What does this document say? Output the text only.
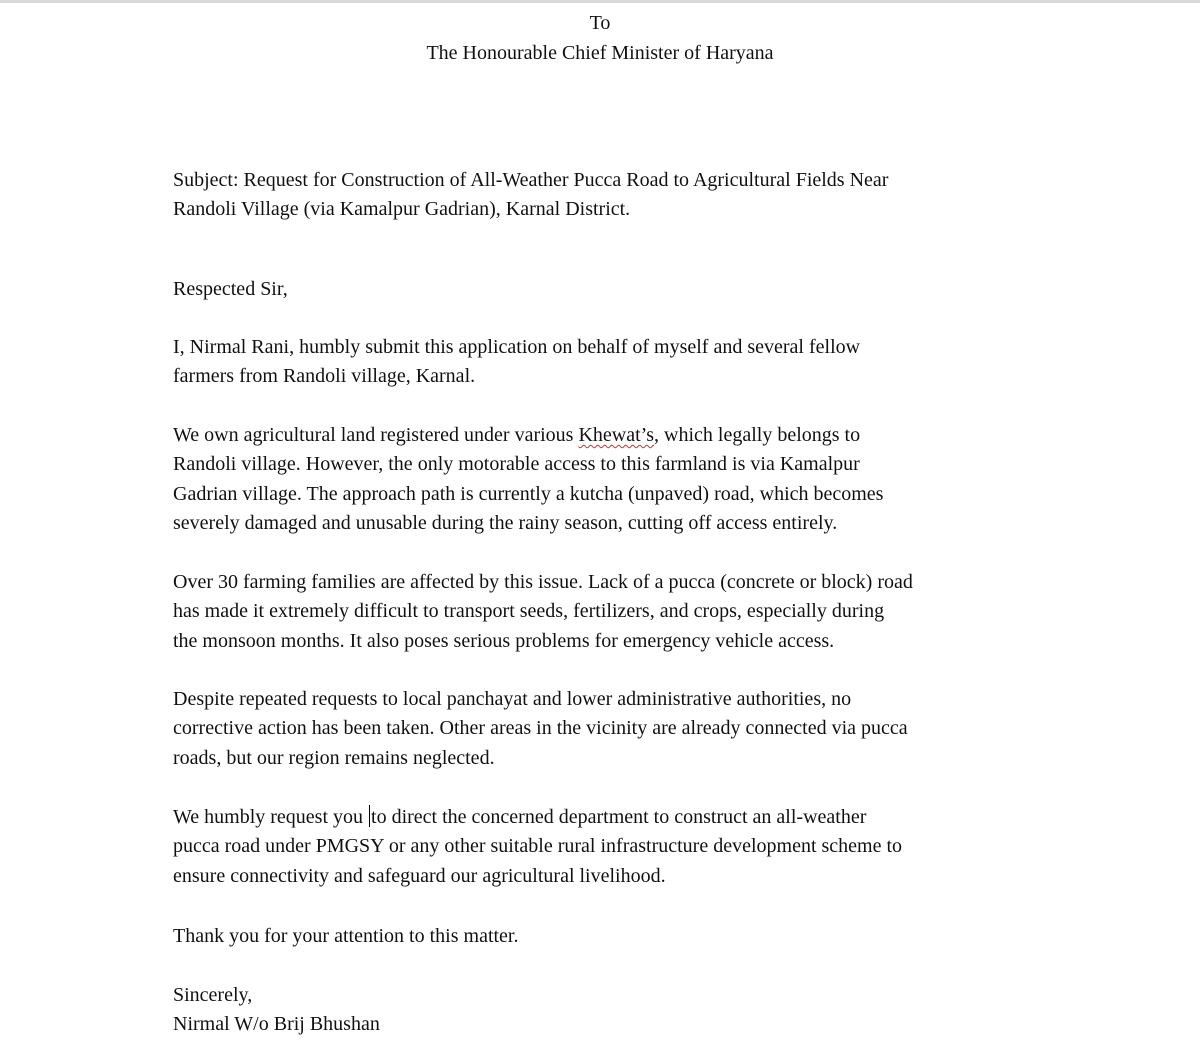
To
The Honourable Chief Minister of Haryana
Subject: Request for Construction of All-Weather Pucca Road to Agricultural Fields Near
Randoli Village (via Kamalpur Gadrian), Karnal District.
Respected Sir,
I, Nirmal Rani, humbly submit this application on behalf of myself and several fellow
farmers from Randoli village, Karnal.
We own agricultural land registered under various Khewat’s, which legally belongs to
Randoli village. However, the only motorable access to this farmland is via Kamalpur
Gadrian village. The approach path is currently a kutcha (unpaved) road, which becomes
severely damaged and unusable during the rainy season, cutting off access entirely.
Over 30 farming families are affected by this issue. Lack of a pucca (concrete or block) road
has made it extremely difficult to transport seeds, fertilizers, and crops, especially during
the monsoon months. It also poses serious problems for emergency vehicle access.
Despite repeated requests to local panchayat and lower administrative authorities, no
corrective action has been taken. Other areas in the vicinity are already connected via pucca
roads, but our region remains neglected.
We humbly request you to direct the concerned department to construct an all-weather
pucca road under PMGSY or any other suitable rural infrastructure development scheme to
ensure connectivity and safeguard our agricultural livelihood.
Thank you for your attention to this matter.
Sincerely,
Nirmal W/o Brij Bhushan
